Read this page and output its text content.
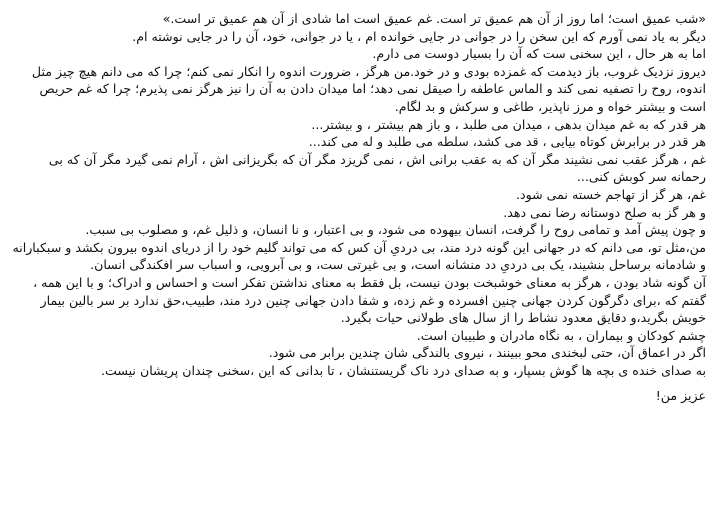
«شب عمیق است؛ اما روز از آن هم عمیق تر است. غم عمیق است اما شادی از آن هم عمیق تر است.»

دیگر به یاد نمی آورم که این سخن را در جوانی در جایی خوانده ام ، یا در جوانی، خود، آن را در جایی نوشته ام.

اما به هر حال ، این سخنی ست که آن را بسیار دوست می دارم.

دیروز نزدیک غروب، باز دیدمت که غمزده بودی و در خود.من هرگز ، ضرورت اندوه را انکار نمی کنم؛ چرا که می دانم هیچ چیز مثل اندوه، روح را تصفیه نمی کند و الماس عاطفه را صیقل نمی دهد؛ اما میدان دادن به آن را نیز هرگز نمی پذیرم؛ چرا که غم حریص است و بیشتر خواه و مرز ناپذیر، طاغی و سرکش و بد لگام.

هر قدر که به غم میدان بدهی ، میدان می طلبد ، و باز هم بیشتر ، و بیشتر...

هر قدر در برابرش کوتاه بیایی ، قد می کشد، سلطه می طلبد و له می کند...

غم ، هرگز عقب نمی نشیند مگر آن که به عقب برانی اش ، نمی گریزد مگر آن که بگریزانی اش ، آرام نمی گیرد مگر آن که بی رحمانه سر کوبش کنی...

غم، هر گز از تهاجم خسته نمی شود.

و هر گز به صلح دوستانه رضا نمی دهد.

و چون پیش آمد و تمامی روح را گرفت، انسان بیهوده می شود، و بی اعتبار، و نا انسان، و ذلیل غم، و مصلوب بی سبب.

من،مثل تو، می دانم که در جهانی این گونه درد مند، بی دردیِ آن کس که می تواند گلیم خود را از دریای اندوه بیرون بکشد و سبکبارانه و شادمانه برساحل بنشیند، یک بی دردیِ دد منشانه است، و بی غیرتی ست، و بی آبرویی، و اسباب سر افکندگی انسان.

آن گونه شاد بودن ، هرگز به معنای خوشبخت بودن نیست، بل فقط به معنای نداشتن تفکر است و احساس و ادراک؛ و با این همه ، گفتم که ،برای دگرگون کردن جهانی چنین افسرده و غم زده، و شفا دادن جهانی چنین درد مند، طبیب،حق ندارد بر سر بالین بیمار خویش بگرید،و دقایق معدود نشاط را از سال های طولانی حیات بگیرد.

چشم کودکان و بیماران ، به نگاه مادران و طبیبان است.

اگر در اعماق آن، حتی لبخندی محو ببینند ، نیروی بالندگی شان چندین برابر می شود.

به صدای خنده ی بچه ها گوش بسپار، و به صدای درد ناک گریستنشان ، تا بدانی که این ،سخنی چندان پریشان نیست.

عزیز من!
